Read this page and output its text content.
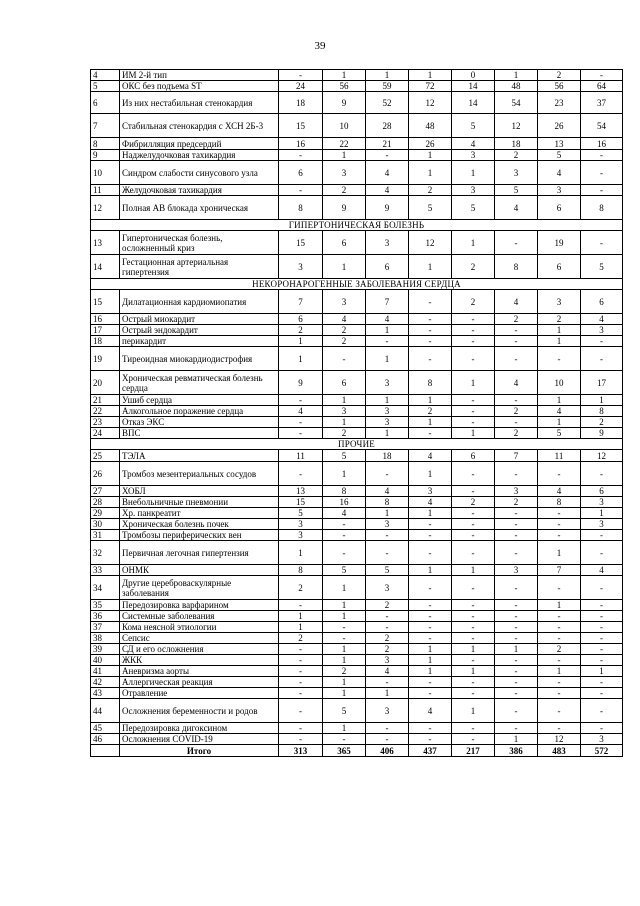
39
4	ИМ 2-й тип	-	1	1	1	0	1	2	-
5	ОКС без подъема ST	24	56	59	72	14	48	56	64
6	Из них нестабильная стенокардия	18	9	52	12	14	54	23	37
7	Стабильная стенокардия с ХСН 2Б-3	15	10	28	48	5	12	26	54
8	Фибрилляция предсердий	16	22	21	26	4	18	13	16
9	Наджелудочковая тахикардия	-	1	-	1	3	2	5	-
10	Синдром слабости синусового узла	6	3	4	1	1	3	4	-
11	Желудочковая тахикардия	-	2	4	2	3	5	3	-
12	Полная АВ блокада хроническая	8	9	9	5	5	4	6	8
ГИПЕРТОНИЧЕСКАЯ БОЛЕЗНЬ									
13	Гипертоническая болезнь, осложненный криз	15	6	3	12	1	-	19	-
14	Гестационная артериальная гипертензия	3	1	6	1	2	8	6	5
НЕКОРОНАРОГЕННЫЕ ЗАБОЛЕВАНИЯ СЕРДЦА									
15	Дилатационная кардиомиопатия	7	3	7	-	2	4	3	6
16	Острый миокардит	6	4	4	-	-	2	2	4
17	Острый эндокардит	2	2	1	-	-	-	1	3
18	перикардит	1	2	-	-	-	-	1	-
19	Тиреоидная миокардиодистрофия	1	-	1	-	-	-	-	-
20	Хроническая ревматическая болезнь сердца	9	6	3	8	1	4	10	17
21	Ушиб сердца	-	1	1	1	-	-	1	1
22	Алкогольное поражение сердца	4	3	3	2	-	2	4	8
23	Отказ ЭКС	-	1	3	1	-	-	1	2
24	ВПС	-	2	1	-	1	2	5	9
ПРОЧИЕ									
25	ТЭЛА	11	5	18	4	6	7	11	12
26	Тромбоз мезентериальных сосудов	-	1	-	1	-	-	-	-
27	ХОБЛ	13	8	4	3	-	3	4	6
28	Внебольничные пневмонии	15	16	8	4	2	2	8	3
29	Хр. панкреатит	5	4	1	1	-	-	-	1
30	Хроническая болезнь почек	3	-	3	-	-	-	-	3
31	Тромбозы периферических вен	3	-	-	-	-	-	-	-
32	Первичная легочная гипертензия	1	-	-	-	-	-	1	-
33	ОНМК	8	5	5	1	1	3	7	4
34	Другие цереброваскулярные заболевания	2	1	3	-	-	-	-	-
35	Передозировка варфарином	-	1	2	-	-	-	1	-
36	Системные заболевания	1	1	-	-	-	-	-	-
37	Кома неясной этиологии	1	-	-	-	-	-	-	-
38	Сепсис	2	-	2	-	-	-	-	-
39	СД и его осложнения	-	1	2	1	1	1	2	-
40	ЖКК	-	1	3	1	-	-	-	-
41	Аневризма аорты	-	2	4	1	1	-	1	1
42	Аллергическая реакция	-	1	-	-	-	-	-	-
43	Отравление	-	1	1	-	-	-	-	-
44	Осложнения беременности и родов	-	5	3	4	1	-	-	-
45	Передозировка дигоксином	-	1	-	-	-	-	-	-
46	Осложнения COVID-19	-	-	-	-	-	1	12	3
	Итого	313	365	406	437	217	386	483	572
